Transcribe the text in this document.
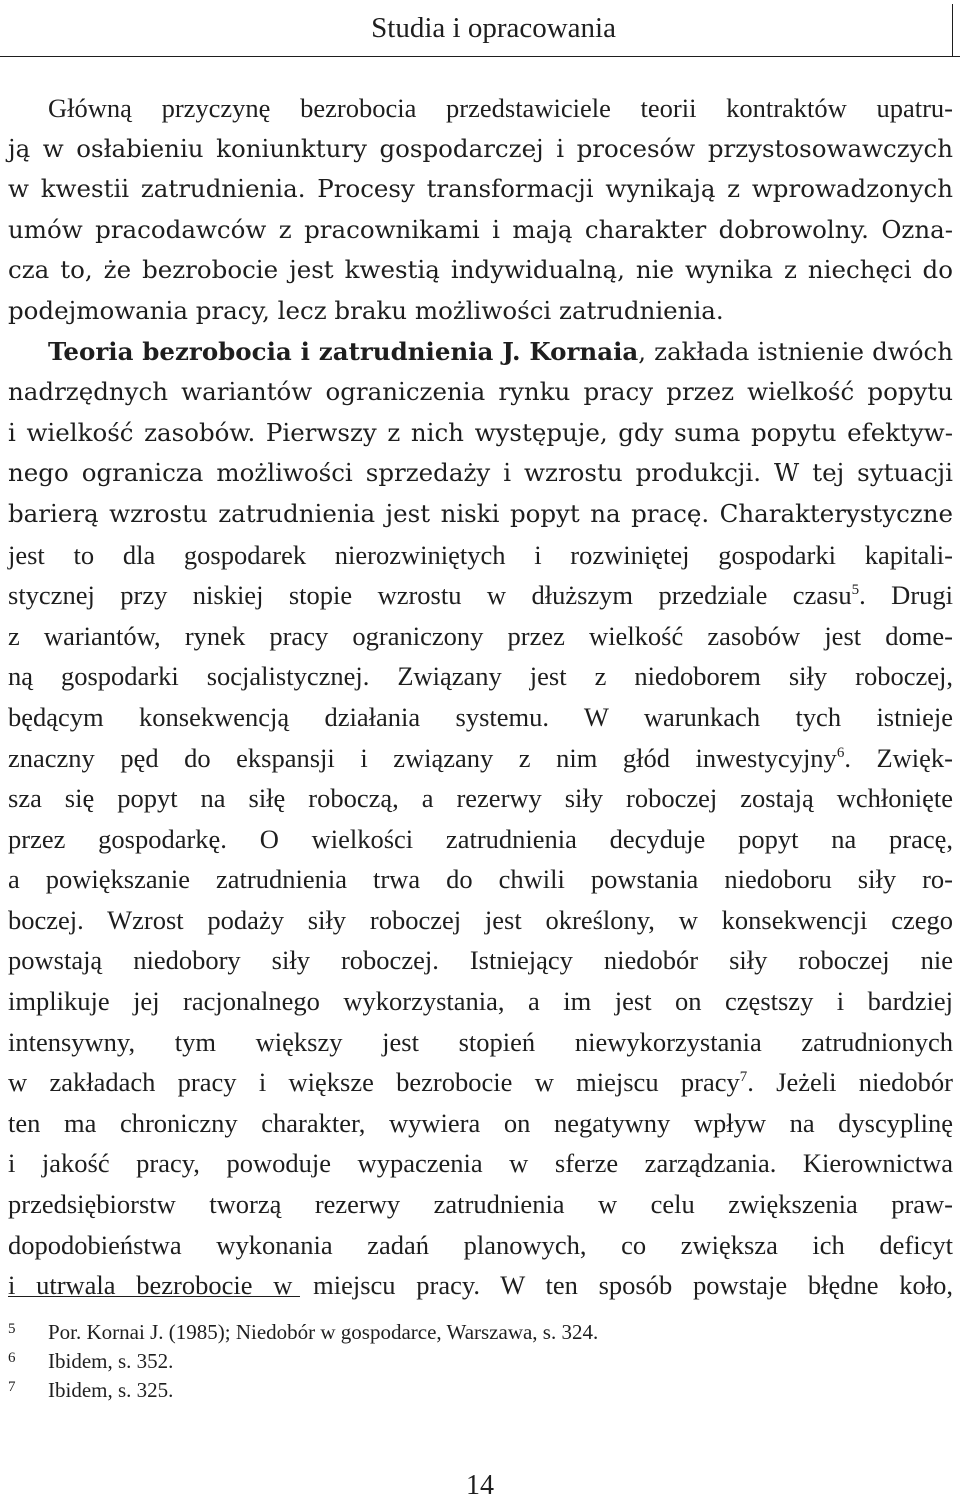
Studia i opracowania
Główną przyczynę bezrobocia przedstawiciele teorii kontraktów upatru-
ją w osłabieniu koniunktury gospodarczej i procesów przystosowawczych
w kwestii zatrudnienia. Procesy transformacji wynikają z wprowadzonych
umów pracodawców z pracownikami i mają charakter dobrowolny. Ozna-
cza to, że bezrobocie jest kwestią indywidualną, nie wynika z niechęci do
podejmowania pracy, lecz braku możliwości zatrudnienia.
Teoria bezrobocia i zatrudnienia J. Kornaia, zakłada istnienie dwóch
nadrzędnych wariantów ograniczenia rynku pracy przez wielkość popytu
i wielkość zasobów. Pierwszy z nich występuje, gdy suma popytu efektyw-
nego ogranicza możliwości sprzedaży i wzrostu produkcji. W tej sytuacji
barierą wzrostu zatrudnienia jest niski popyt na pracę. Charakterystyczne
jest to dla gospodarek nierozwiniętych i rozwiniętej gospodarki kapitali-
stycznej przy niskiej stopie wzrostu w dłuższym przedziale czasu$^5$. Drugi
z wariantów, rynek pracy ograniczony przez wielkość zasobów jest dome-
ną gospodarki socjalistycznej. Związany jest z niedoborem siły roboczej,
będącym konsekwencją działania systemu. W warunkach tych istnieje
znaczny pęd do ekspansji i związany z nim głód inwestycyjny$^6$. Zwięk-
sza się popyt na siłę roboczą, a rezerwy siły roboczej zostają wchłonięte
przez gospodarkę. O wielkości zatrudnienia decyduje popyt na pracę,
a powiększanie zatrudnienia trwa do chwili powstania niedoboru siły ro-
boczej. Wzrost podaży siły roboczej jest określony, w konsekwencji czego
powstają niedobory siły roboczej. Istniejący niedobór siły roboczej nie
implikuje jej racjonalnego wykorzystania, a im jest on częstszy i bardziej
intensywny, tym większy jest stopień niewykorzystania zatrudnionych
w zakładach pracy i większe bezrobocie w miejscu pracy$^7$. Jeżeli niedobór
ten ma chroniczny charakter, wywiera on negatywny wpływ na dyscyplinę
i jakość pracy, powoduje wypaczenia w sferze zarządzania. Kierownictwa
przedsiębiorstw tworzą rezerwy zatrudnienia w celu zwiększenia praw-
dopodobieństwa wykonania zadań planowych, co zwiększa ich deficyt
i utrwala bezrobocie w miejscu pracy. W ten sposób powstaje błędne koło,
5 Por. Kornai J. (1985); Niedobór w gospodarce, Warszawa, s. 324.
6 Ibidem, s. 352.
7 Ibidem, s. 325.
14
